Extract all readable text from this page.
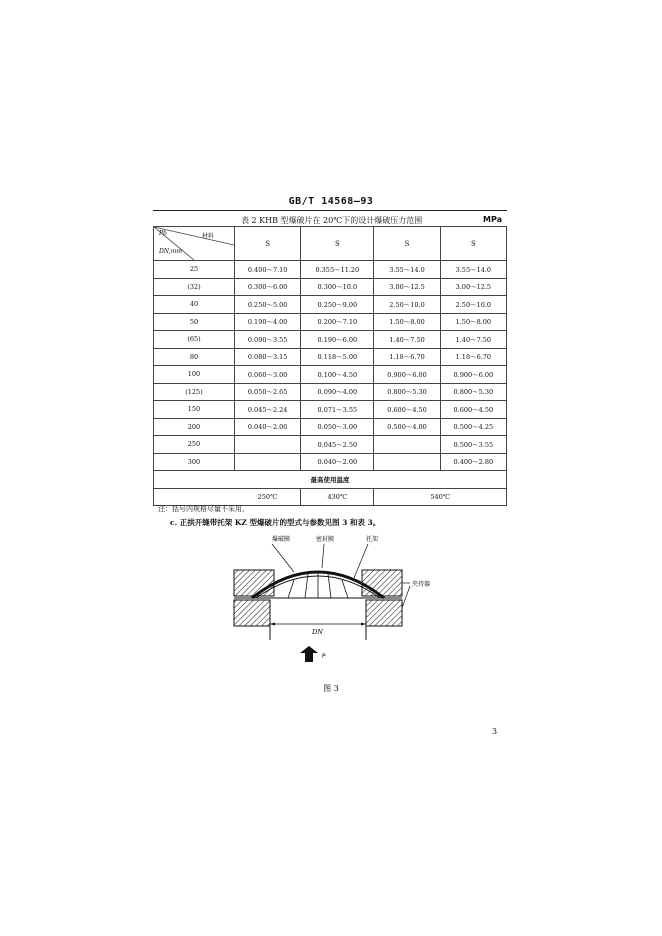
GB/T 14568—93
表 2 KHB 型爆破片在 20℃下的设计爆破压力范围	MPa
Pb 材料
DN,mm	S	S	S	S
25	0.400～7.10	0.355～11.20	3.55～14.0	3.55～14.0
(32)	0.300～6.00	0.300～10.0	3.00～12.5	3.00～12.5
40	0.250～5.00	0.250～9.00	2.50～10.0	2.50～10.0
50	0.190～4.00	0.200～7.10	1.50～8.00	1.50～8.00
(65)	0.090～3.55	0.190～6.00	1.40～7.50	1.40～7.50
80	0.080～3.15	0.118～5.00	1.18～6.70	1.18～6.70
100	0.060～3.00	0.100～4.50	0.900～6.00	0.900～6.00
(125)	0.050～2.65	0.090～4.00	0.800～5.30	0.800～5.30
150	0.045～2.24	0.071～3.55	0.600～4.50	0.600～4.50
200	0.040～2.00	0.050～3.00	0.500～4.00	0.500～4.25
250		0.045～2.50		0.500～3.55
300		0.040～2.00		0.400～2.80
最高使用温度				
	250℃	430℃	540℃	
注：括号内规格尽量不采用。
c. 正拱开缝带托架 KZ 型爆破片的型式与参数见图 3 和表 3。
爆破膜	密封膜	托架
夹持器
DN
P
图 3
3
